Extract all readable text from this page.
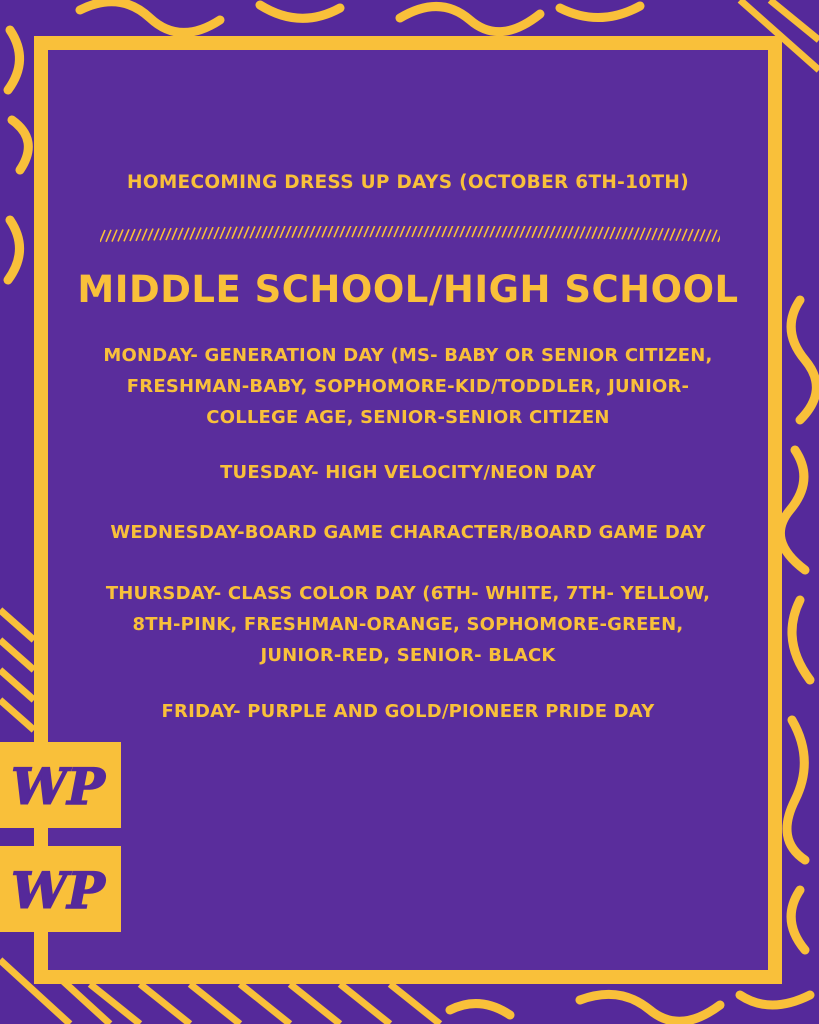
HOMECOMING DRESS UP DAYS (OCTOBER 6TH-10TH)
MIDDLE SCHOOL/HIGH SCHOOL
MONDAY- GENERATION DAY (MS- BABY OR SENIOR CITIZEN,
FRESHMAN-BABY, SOPHOMORE-KID/TODDLER, JUNIOR-
COLLEGE AGE, SENIOR-SENIOR CITIZEN
TUESDAY- HIGH VELOCITY/NEON DAY
WEDNESDAY-BOARD GAME CHARACTER/BOARD GAME DAY
THURSDAY- CLASS COLOR DAY (6TH- WHITE, 7TH- YELLOW,
8TH-PINK, FRESHMAN-ORANGE, SOPHOMORE-GREEN,
JUNIOR-RED, SENIOR- BLACK
FRIDAY- PURPLE AND GOLD/PIONEER PRIDE DAY
WP
WP
